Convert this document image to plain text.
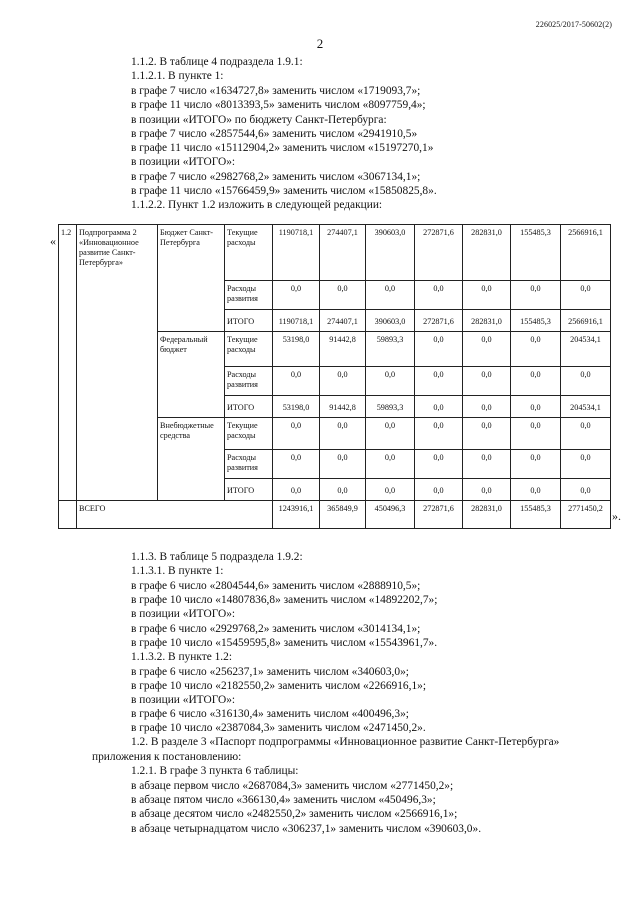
226025/2017-50602(2)
2
1.1.2. В таблице 4 подраздела 1.9.1:
1.1.2.1. В пункте 1:
в графе 7 число «1634727,8» заменить числом «1719093,7»;
в графе 11 число «8013393,5» заменить числом «8097759,4»;
в позиции «ИТОГО» по бюджету Санкт-Петербурга:
в графе 7 число «2857544,6» заменить числом «2941910,5»
в графе 11 число «15112904,2» заменить числом «15197270,1»
в позиции «ИТОГО»:
в графе 7 число «2982768,2» заменить числом «3067134,1»;
в графе 11 число «15766459,9» заменить числом «15850825,8».
1.1.2.2. Пункт 1.2 изложить в следующей редакции:
«
».
1.2	Подпрограмма 2 «Инновационное развитие Санкт-Петербурга»	Бюджет Санкт-Петербурга	Текущие расходы	1190718,1	274407,1	390603,0	272871,6	282831,0	155485,3	2566916,1
			Расходы развития	0,0	0,0	0,0	0,0	0,0	0,0	0,0
			ИТОГО	1190718,1	274407,1	390603,0	272871,6	282831,0	155485,3	2566916,1
		Федеральный бюджет	Текущие расходы	53198,0	91442,8	59893,3	0,0	0,0	0,0	204534,1
			Расходы развития	0,0	0,0	0,0	0,0	0,0	0,0	0,0
			ИТОГО	53198,0	91442,8	59893,3	0,0	0,0	0,0	204534,1
		Внебюджетные средства	Текущие расходы	0,0	0,0	0,0	0,0	0,0	0,0	0,0
			Расходы развития	0,0	0,0	0,0	0,0	0,0	0,0	0,0
			ИТОГО	0,0	0,0	0,0	0,0	0,0	0,0	0,0
	ВСЕГО			1243916,1	365849,9	450496,3	272871,6	282831,0	155485,3	2771450,2
1.1.3. В таблице 5 подраздела 1.9.2:
1.1.3.1. В пункте 1:
в графе 6 число «2804544,6» заменить числом «2888910,5»;
в графе 10 число «14807836,8» заменить числом «14892202,7»;
в позиции «ИТОГО»:
в графе 6 число «2929768,2» заменить числом «3014134,1»;
в графе 10 число «15459595,8» заменить числом «15543961,7».
1.1.3.2. В пункте 1.2:
в графе 6 число «256237,1» заменить числом «340603,0»;
в графе 10 число «2182550,2» заменить числом «2266916,1»;
в позиции «ИТОГО»:
в графе 6 число «316130,4» заменить числом «400496,3»;
в графе 10 число «2387084,3» заменить числом «2471450,2».
1.2. В разделе 3 «Паспорт подпрограммы «Инновационное развитие Санкт-Петербурга»
приложения к постановлению:
1.2.1. В графе 3 пункта 6 таблицы:
в абзаце первом число «2687084,3» заменить числом «2771450,2»;
в абзаце пятом число «366130,4» заменить числом «450496,3»;
в абзаце десятом число «2482550,2» заменить числом «2566916,1»;
в абзаце четырнадцатом число «306237,1» заменить числом «390603,0».
